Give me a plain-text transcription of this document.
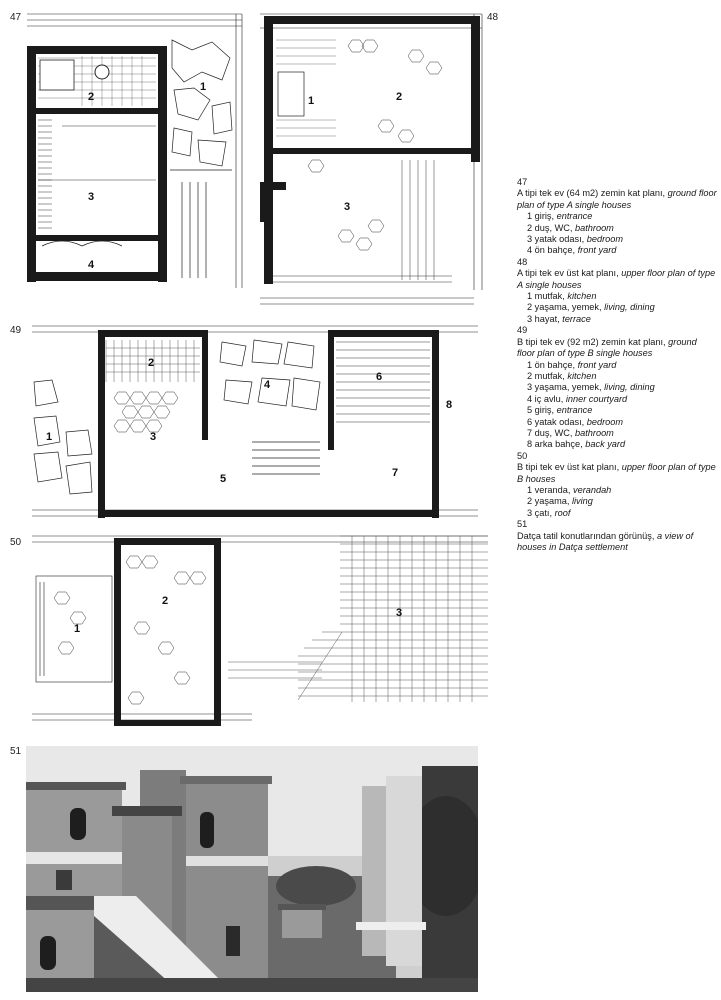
47	48
49
50
51
1
2
3
4
1	2
3
1
2
3
4
5
6
7
8
1
2
3
47
A tipi tek ev (64 m2) zemin kat planı, ground floor plan of type A single houses
1 giriş, entrance
2 duş, WC, bathroom
3 yatak odası, bedroom
4 ön bahçe, front yard
48
A tipi tek ev üst kat planı, upper floor plan of type A single houses
1 mutfak, kitchen
2 yaşama, yemek, living, dining
3 hayat, terrace
49
B tipi tek ev (92 m2) zemin kat planı, ground floor plan of type B single houses
1 ön bahçe, front yard
2 mutfak, kitchen
3 yaşama, yemek, living, dining
4 iç avlu, inner courtyard
5 giriş, entrance
6 yatak odası, bedroom
7 duş, WC, bathroom
8 arka bahçe, back yard
50
B tipi tek ev üst kat planı, upper floor plan of type B houses
1 veranda, verandah
2 yaşama, living
3 çatı, roof
51
Datça tatil konutlarından görünüş, a view of houses in Datça settlement
